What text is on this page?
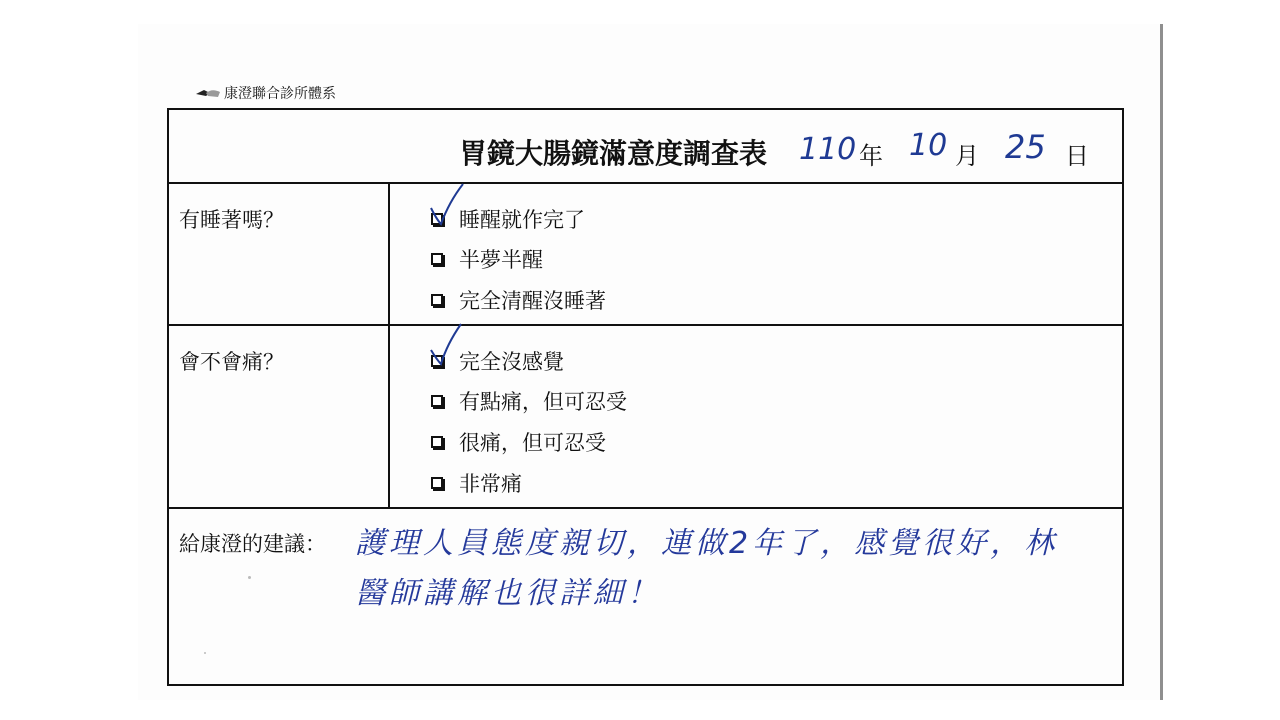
康澄聯合診所體系
胃鏡大腸鏡滿意度調查表 110 年 10 月 25 日
有睡著嗎？	睡醒就作完了
半夢半醒
完全清醒沒睡著
會不會痛？	完全沒感覺
有點痛，但可忍受
很痛，但可忍受
非常痛
給康澄的建議： 護理人員態度親切，連做2年了，感覺很好，林
醫師講解也很詳細！
